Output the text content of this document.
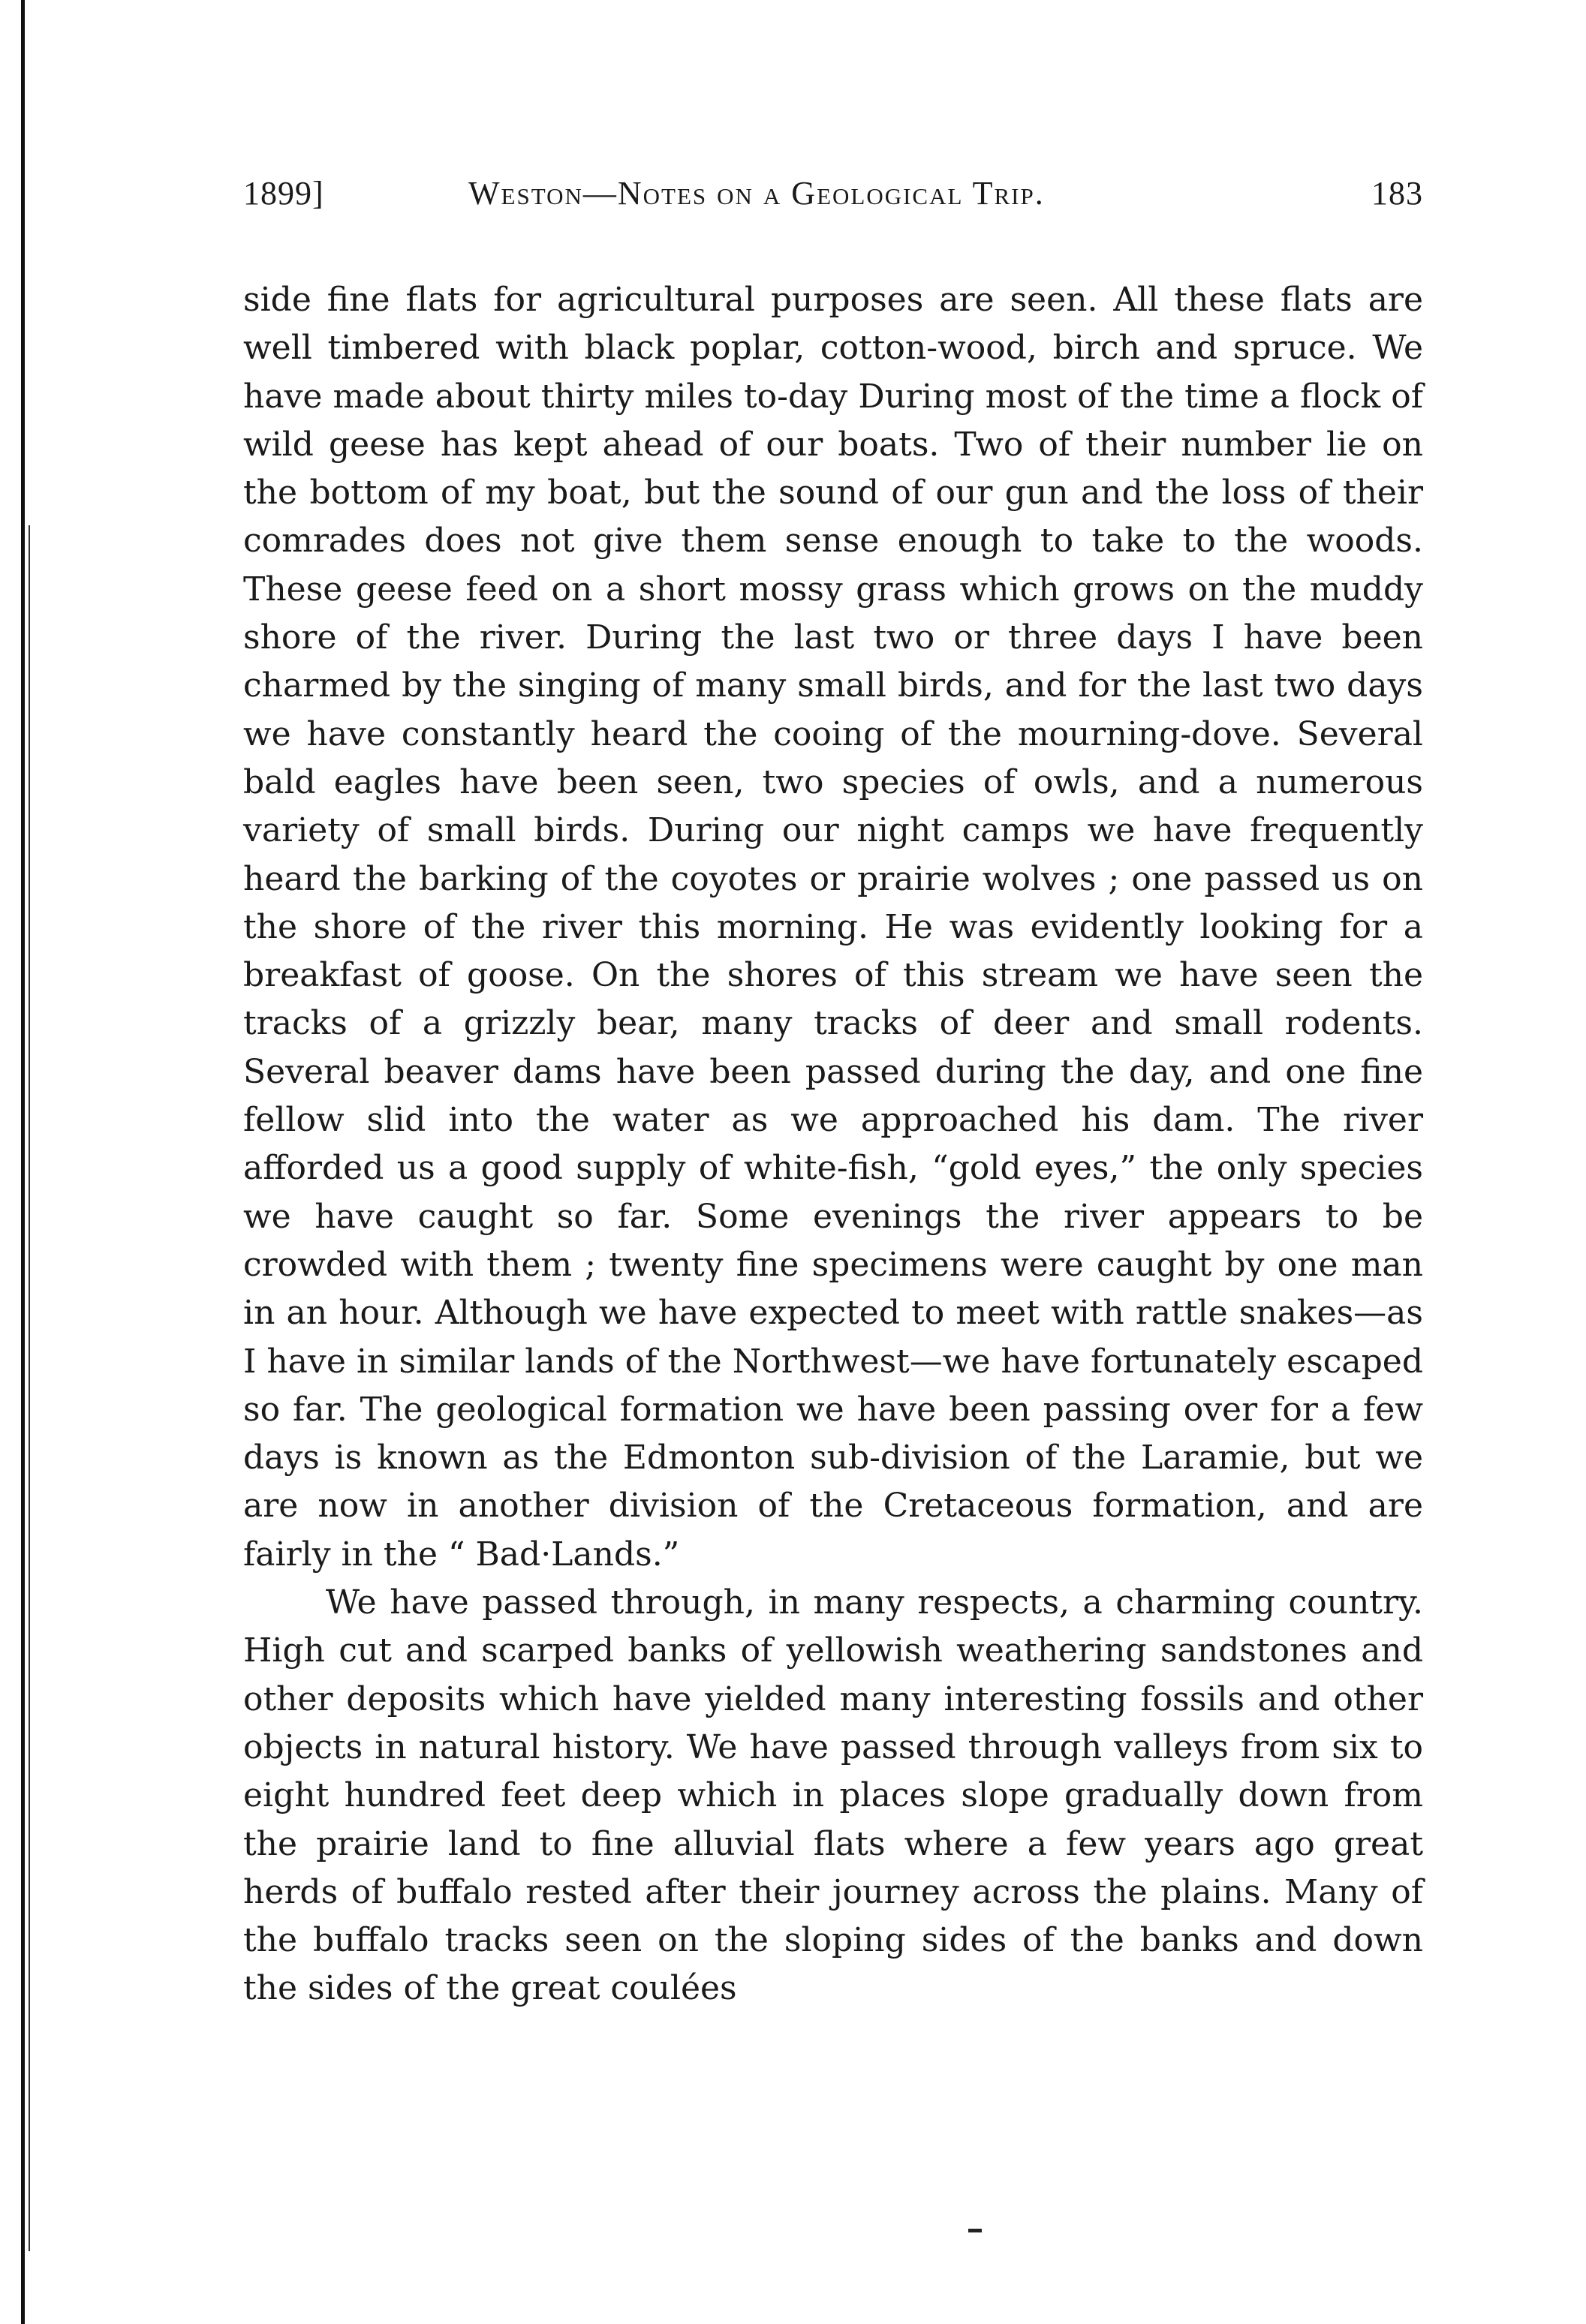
1899]	Weston—Notes on a Geological Trip.	183

side fine flats for agricultural purposes are seen. All these flats are well timbered with black poplar, cotton-wood, birch and spruce. We have made about thirty miles to-day During most of the time a flock of wild geese has kept ahead of our boats. Two of their number lie on the bottom of my boat, but the sound of our gun and the loss of their comrades does not give them sense enough to take to the woods. These geese feed on a short mossy grass which grows on the muddy shore of the river. During the last two or three days I have been charmed by the singing of many small birds, and for the last two days we have constantly heard the cooing of the mourning-dove. Several bald eagles have been seen, two species of owls, and a numerous variety of small birds. During our night camps we have frequently heard the barking of the coyotes or prairie wolves ; one passed us on the shore of the river this morning. He was evidently looking for a breakfast of goose. On the shores of this stream we have seen the tracks of a grizzly bear, many tracks of deer and small rodents. Several beaver dams have been passed during the day, and one fine fellow slid into the water as we approached his dam. The river afforded us a good supply of white-fish, “gold eyes,” the only species we have caught so far. Some evenings the river appears to be crowded with them ; twenty fine specimens were caught by one man in an hour. Although we have expected to meet with rattle snakes—as I have in similar lands of the Northwest—we have fortunately escaped so far. The geological formation we have been passing over for a few days is known as the Edmonton sub-division of the Laramie, but we are now in another division of the Cretaceous formation, and are fairly in the “ Bad·Lands.”

We have passed through, in many respects, a charming country. High cut and scarped banks of yellowish weathering sandstones and other deposits which have yielded many interesting fossils and other objects in natural history. We have passed through valleys from six to eight hundred feet deep which in places slope gradually down from the prairie land to fine alluvial flats where a few years ago great herds of buffalo rested after their journey across the plains. Many of the buffalo tracks seen on the sloping sides of the banks and down the sides of the great coulées
